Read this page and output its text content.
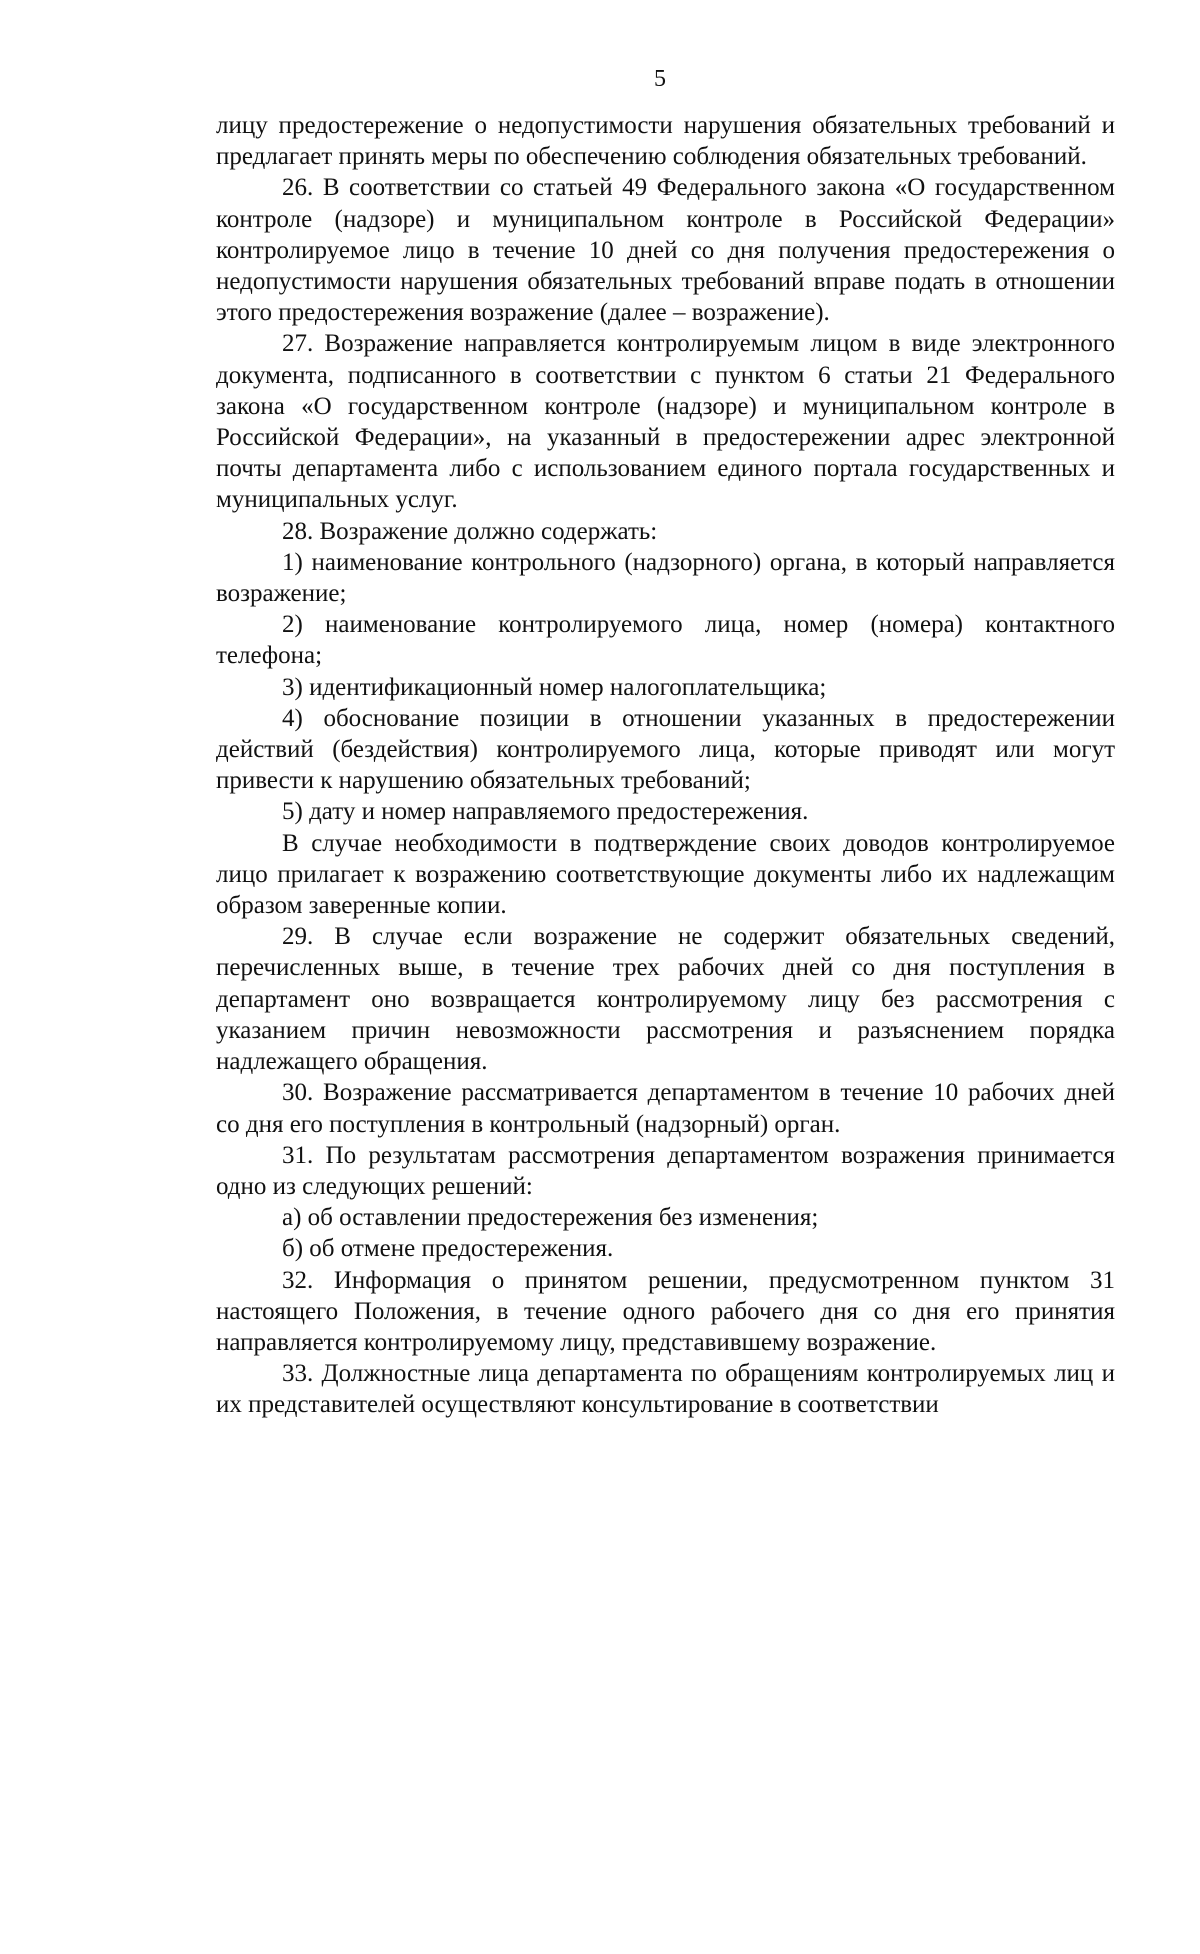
5

лицу предостережение о недопустимости нарушения обязательных требований и предлагает принять меры по обеспечению соблюдения обязательных требований.

26. В соответствии со статьей 49 Федерального закона «О государственном контроле (надзоре) и муниципальном контроле в Российской Федерации» контролируемое лицо в течение 10 дней со дня получения предостережения о недопустимости нарушения обязательных требований вправе подать в отношении этого предостережения возражение (далее – возражение).

27. Возражение направляется контролируемым лицом в виде электронного документа, подписанного в соответствии с пунктом 6 статьи 21 Федерального закона «О государственном контроле (надзоре) и муниципальном контроле в Российской Федерации», на указанный в предостережении адрес электронной почты департамента либо с использованием единого портала государственных и муниципальных услуг.

28. Возражение должно содержать:

1) наименование контрольного (надзорного) органа, в который направляется возражение;

2) наименование контролируемого лица, номер (номера) контактного телефона;

3) идентификационный номер налогоплательщика;

4) обоснование позиции в отношении указанных в предостережении действий (бездействия) контролируемого лица, которые приводят или могут привести к нарушению обязательных требований;

5) дату и номер направляемого предостережения.

В случае необходимости в подтверждение своих доводов контролируемое лицо прилагает к возражению соответствующие документы либо их надлежащим образом заверенные копии.

29. В случае если возражение не содержит обязательных сведений, перечисленных выше, в течение трех рабочих дней со дня поступления в департамент оно возвращается контролируемому лицу без рассмотрения с указанием причин невозможности рассмотрения и разъяснением порядка надлежащего обращения.

30. Возражение рассматривается департаментом в течение 10 рабочих дней со дня его поступления в контрольный (надзорный) орган.

31. По результатам рассмотрения департаментом возражения принимается одно из следующих решений:

а) об оставлении предостережения без изменения;

б) об отмене предостережения.

32. Информация о принятом решении, предусмотренном пунктом 31 настоящего Положения, в течение одного рабочего дня со дня его принятия направляется контролируемому лицу, представившему возражение.

33. Должностные лица департамента по обращениям контролируемых лиц и их представителей осуществляют консультирование в соответствии
